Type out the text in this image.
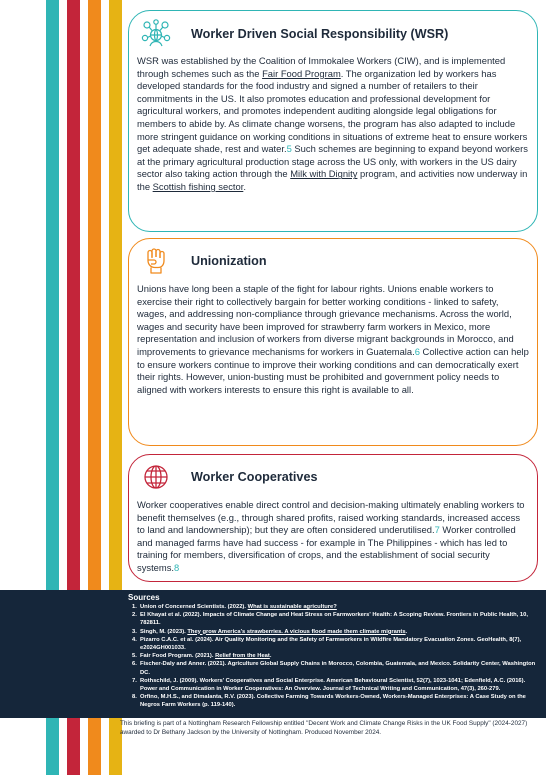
Worker Driven Social Responsibility (WSR)

WSR was established by the Coalition of Immokalee Workers (CIW), and is implemented through schemes such as the Fair Food Program. The organization led by workers has developed standards for the food industry and signed a number of retailers to their commitments in the US. It also promotes education and professional development for agricultural workers, and promotes independent auditing alongside legal obligations for members to abide by. As climate change worsens, the program has also adapted to include more stringent guidance on working conditions in situations of extreme heat to ensure workers get adequate shade, rest and water.5 Such schemes are beginning to expand beyond workers at the primary agricultural production stage across the US only, with workers in the US dairy sector also taking action through the Milk with Dignity program, and activities now underway in the Scottish fishing sector.

Unionization

Unions have long been a staple of the fight for labour rights. Unions enable workers to exercise their right to collectively bargain for better working conditions - linked to safety, wages, and addressing non-compliance through grievance mechanisms. Across the world, wages and security have been improved for strawberry farm workers in Mexico, more representation and inclusion of workers from diverse migrant backgrounds in Morocco, and improvements to grievance mechanisms for workers in Guatemala.6 Collective action can help to ensure workers continue to improve their working conditions and can democratically exert their rights. However, union-busting must be prohibited and government policy needs to aligned with workers interests to ensure this right is available to all.

Worker Cooperatives

Worker cooperatives enable direct control and decision-making ultimately enabling workers to benefit themselves (e.g., through shared profits, raised working standards, increased access to land and landownership); but they are often considered underutilised.7 Worker controlled and managed farms have had success - for example in The Philippines - which has led to training for members, diversification of crops, and the establishment of social security systems.8

Sources
1. Union of Concerned Scientists. (2022). What is sustainable agriculture?
2. El Khayat et al. (2022). Impacts of Climate Change and Heat Stress on Farmworkers' Health: A Scoping Review. Frontiers in Public Health, 10, 782811.
3. Singh, M. (2023). They grow America's strawberries. A vicious flood made them climate migrants.
4. Pizarro C.A.C. et al. (2024). Air Quality Monitoring and the Safety of Farmworkers in Wildfire Mandatory Evacuation Zones. GeoHealth, 8(7), e2024GH001033.
5. Fair Food Program. (2021). Relief from the Heat.
6. Fischer-Daly and Anner. (2021). Agriculture Global Supply Chains in Morocco, Colombia, Guatemala, and Mexico. Solidarity Center, Washington DC.
7. Rothschild, J. (2009). Workers' Cooperatives and Social Enterprise. American Behavioural Scientist, 52(7), 1023-1041; Edenfield, A.C. (2016). Power and Communication in Worker Cooperatives: An Overview. Journal of Technical Writing and Communication, 47(3), 260-279.
8. Orfino, M.H.S., and Dimalanta, R.V. (2023). Collective Farming Towards Workers-Owned, Workers-Managed Enterprises: A Case Study on the Negros Farm Workers (p. 119-140).

This briefing is part of a Nottingham Research Fellowship entitled "Decent Work and Climate Change Risks in the UK Food Supply" (2024-2027) awarded to Dr Bethany Jackson by the University of Nottingham. Produced November 2024.
